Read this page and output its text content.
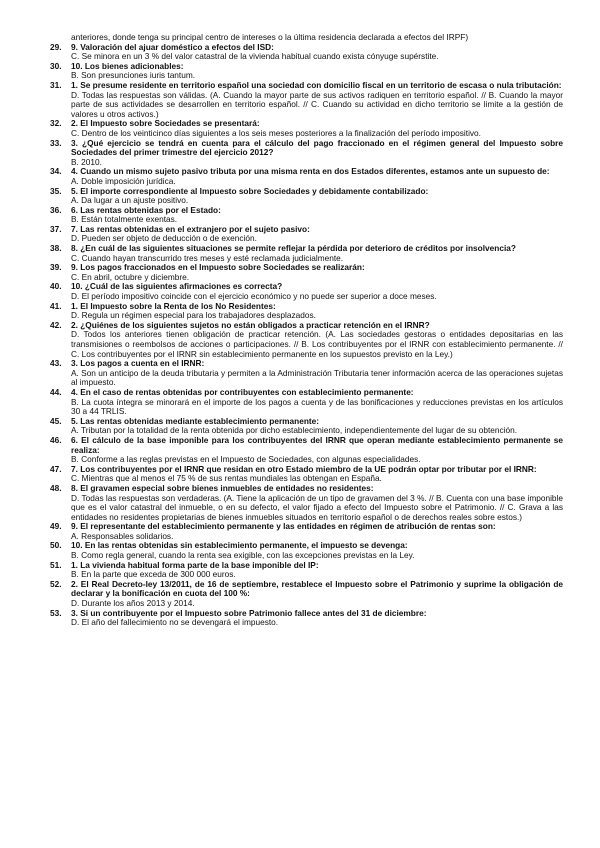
anteriores, donde tenga su principal centro de intereses o la última residencia declarada a efectos del IRPF)

29.	9. Valoración del ajuar doméstico a efectos del ISD:

C. Se minora en un 3 % del valor catastral de la vivienda habitual cuando exista cónyuge supérstite.

30.	10. Los bienes adicionables:

B. Son presunciones iuris tantum.

31.	1. Se presume residente en territorio español una sociedad con domicilio fiscal en un territorio de escasa o nula tributación:

D. Todas las respuestas son válidas. (A. Cuando la mayor parte de sus activos radiquen en territorio español. // B. Cuando la mayor parte de sus actividades se desarrollen en territorio español. // C. Cuando su actividad en dicho territorio se limite a la gestión de valores u otros activos.)

32.	2. El Impuesto sobre Sociedades se presentará:

C. Dentro de los veinticinco días siguientes a los seis meses posteriores a la finalización del período impositivo.

33.	3. ¿Qué ejercicio se tendrá en cuenta para el cálculo del pago fraccionado en el régimen general del Impuesto sobre Sociedades del primer trimestre del ejercicio 2012?

B. 2010.

34.	4. Cuando un mismo sujeto pasivo tributa por una misma renta en dos Estados diferentes, estamos ante un supuesto de:

A. Doble imposición jurídica.

35.	5. El importe correspondiente al Impuesto sobre Sociedades y debidamente contabilizado:

A. Da lugar a un ajuste positivo.

36.	6. Las rentas obtenidas por el Estado:

B. Están totalmente exentas.

37.	7. Las rentas obtenidas en el extranjero por el sujeto pasivo:

D. Pueden ser objeto de deducción o de exención.

38.	8. ¿En cuál de las siguientes situaciones se permite reflejar la pérdida por deterioro de créditos por insolvencia?

C. Cuando hayan transcurrido tres meses y esté reclamada judicialmente.

39.	9. Los pagos fraccionados en el Impuesto sobre Sociedades se realizarán:

C. En abril, octubre y diciembre.

40.	10. ¿Cuál de las siguientes afirmaciones es correcta?

D. El período impositivo coincide con el ejercicio económico y no puede ser superior a doce meses.

41.	1. El Impuesto sobre la Renta de los No Residentes:

D. Regula un régimen especial para los trabajadores desplazados.

42.	2. ¿Quiénes de los siguientes sujetos no están obligados a practicar retención en el IRNR?

D. Todos los anteriores tienen obligación de practicar retención. (A. Las sociedades gestoras o entidades depositarias en las transmisiones o reembolsos de acciones o participaciones. // B. Los contribuyentes por el IRNR con establecimiento permanente. // C. Los contribuyentes por el IRNR sin establecimiento permanente en los supuestos previsto en la Ley.)

43.	3. Los pagos a cuenta en el IRNR:

A. Son un anticipo de la deuda tributaria y permiten a la Administración Tributaria tener información acerca de las operaciones sujetas al impuesto.

44.	4. En el caso de rentas obtenidas por contribuyentes con establecimiento permanente:

B. La cuota íntegra se minorará en el importe de los pagos a cuenta y de las bonificaciones y reducciones previstas en los artículos 30 a 44 TRLIS.

45.	5. Las rentas obtenidas mediante establecimiento permanente:

A. Tributan por la totalidad de la renta obtenida por dicho establecimiento, independientemente del lugar de su obtención.

46.	6. El cálculo de la base imponible para los contribuyentes del IRNR que operan mediante establecimiento permanente se realiza:

B. Conforme a las reglas previstas en el Impuesto de Sociedades, con algunas especialidades.

47.	7. Los contribuyentes por el IRNR que residan en otro Estado miembro de la UE podrán optar por tributar por el IRNR:

C. Mientras que al menos el 75 % de sus rentas mundiales las obtengan en España.

48.	8. El gravamen especial sobre bienes inmuebles de entidades no residentes:

D. Todas las respuestas son verdaderas. (A. Tiene la aplicación de un tipo de gravamen del 3 %. // B. Cuenta con una base imponible que es el valor catastral del inmueble, o en su defecto, el valor fijado a efecto del Impuesto sobre el Patrimonio. // C. Grava a las entidades no residentes propietarias de bienes inmuebles situados en territorio español o de derechos reales sobre estos.)

49.	9. El representante del establecimiento permanente y las entidades en régimen de atribución de rentas son:

A. Responsables solidarios.

50.	10. En las rentas obtenidas sin establecimiento permanente, el impuesto se devenga:

B. Como regla general, cuando la renta sea exigible, con las excepciones previstas en la Ley.

51.	1. La vivienda habitual forma parte de la base imponible del IP:

B. En la parte que exceda de 300 000 euros.

52.	2. El Real Decreto-ley 13/2011, de 16 de septiembre, restablece el Impuesto sobre el Patrimonio y suprime la obligación de declarar y la bonificación en cuota del 100 %:

D. Durante los años 2013 y 2014.

53.	3. Si un contribuyente por el Impuesto sobre Patrimonio fallece antes del 31 de diciembre:

D. El año del fallecimiento no se devengará el impuesto.
